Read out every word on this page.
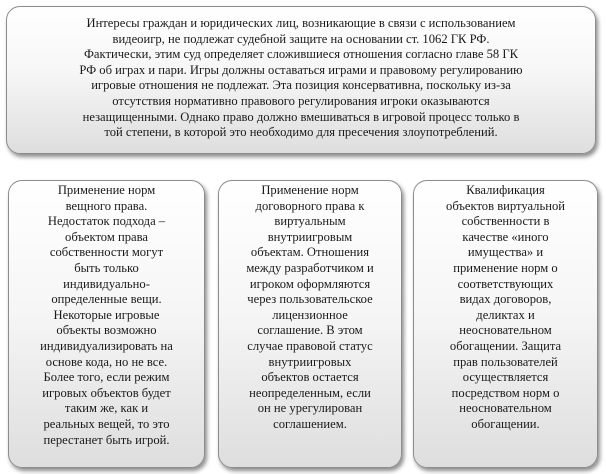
Интересы граждан и юридических лиц, возникающие в связи с использованием
видеоигр, не подлежат судебной защите на основании ст. 1062 ГК РФ.
Фактически, этим суд определяет сложившиеся отношения согласно главе 58 ГК
РФ об играх и пари. Игры должны оставаться играми и правовому регулированию
игровые отношения не подлежат. Эта позиция консервативна, поскольку из-за
отсутствия нормативно правового регулирования игроки оказываются
незащищенными. Однако право должно вмешиваться в игровой процесс только в
той степени, в которой это необходимо для пресечения злоупотреблений.
Применение норм
вещного права.
Недостаток подхода –
объектом права
собственности могут
быть только
индивидуально-
определенные вещи.
Некоторые игровые
объекты возможно
индивидуализировать на
основе кода, но не все.
Более того, если режим
игровых объектов будет
таким же, как и
реальных вещей, то это
перестанет быть игрой.
Применение норм
договорного права к
виртуальным
внутриигровым
объектам. Отношения
между разработчиком и
игроком оформляются
через пользовательское
лицензионное
соглашение. В этом
случае правовой статус
внутриигровых
объектов остается
неопределенным, если
он не урегулирован
соглашением.
Квалификация
объектов виртуальной
собственности в
качестве «иного
имущества» и
применение норм о
соответствующих
видах договоров,
деликтах и
неосновательном
обогащении. Защита
прав пользователей
осуществляется
посредством норм о
неосновательном
обогащении.
